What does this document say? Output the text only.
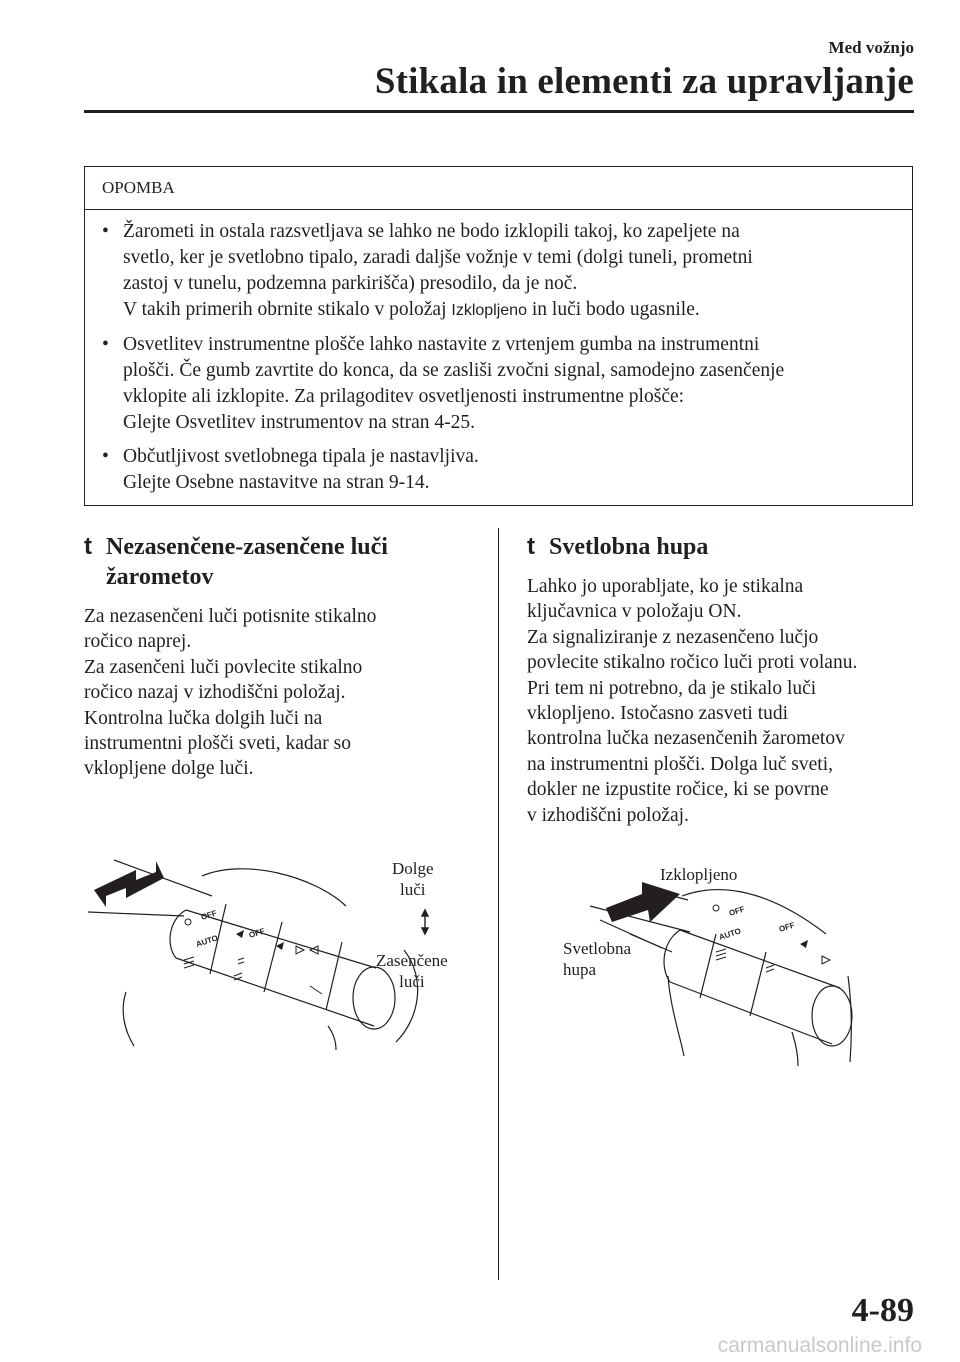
Med vožnjo
Stikala in elementi za upravljanje
OPOMBA
• Žarometi in ostala razsvetljava se lahko ne bodo izklopili takoj, ko zapeljete na
svetlo, ker je svetlobno tipalo, zaradi daljše vožnje v temi (dolgi tuneli, prometni
zastoj v tunelu, podzemna parkirišča) presodilo, da je noč.
V takih primerih obrnite stikalo v položaj Izklopljeno in luči bodo ugasnile.
• Osvetlitev instrumentne plošče lahko nastavite z vrtenjem gumba na instrumentni
plošči. Če gumb zavrtite do konca, da se zasliši zvočni signal, samodejno zasenčenje
vklopite ali izklopite. Za prilagoditev osvetljenosti instrumentne plošče:
Glejte Osvetlitev instrumentov na stran 4-25.
• Občutljivost svetlobnega tipala je nastavljiva.
Glejte Osebne nastavitve na stran 9-14.
t Nezasenčene-zasenčene luči
žarometov
Za nezasenčeni luči potisnite stikalno
ročico naprej.
Za zasenčeni luči povlecite stikalno
ročico nazaj v izhodiščni položaj.
Kontrolna lučka dolgih luči na
instrumentni plošči sveti, kadar so
vklopljene dolge luči.
t Svetlobna hupa
Lahko jo uporabljate, ko je stikalna
ključavnica v položaju ON.
Za signaliziranje z nezasenčeno lučjo
povlecite stikalno ročico luči proti volanu.
Pri tem ni potrebno, da je stikalo luči
vklopljeno. Istočasno zasveti tudi
kontrolna lučka nezasenčenih žarometov
na instrumentni plošči. Dolga luč sveti,
dokler ne izpustite ročice, ki se povrne
v izhodiščni položaj.
OFF
AUTO
OFF
Dolge
luči
Zasenčene
luči
OFF
AUTO	OFF
Izklopljeno
Svetlobna
hupa
4-89
carmanualsonline.info
